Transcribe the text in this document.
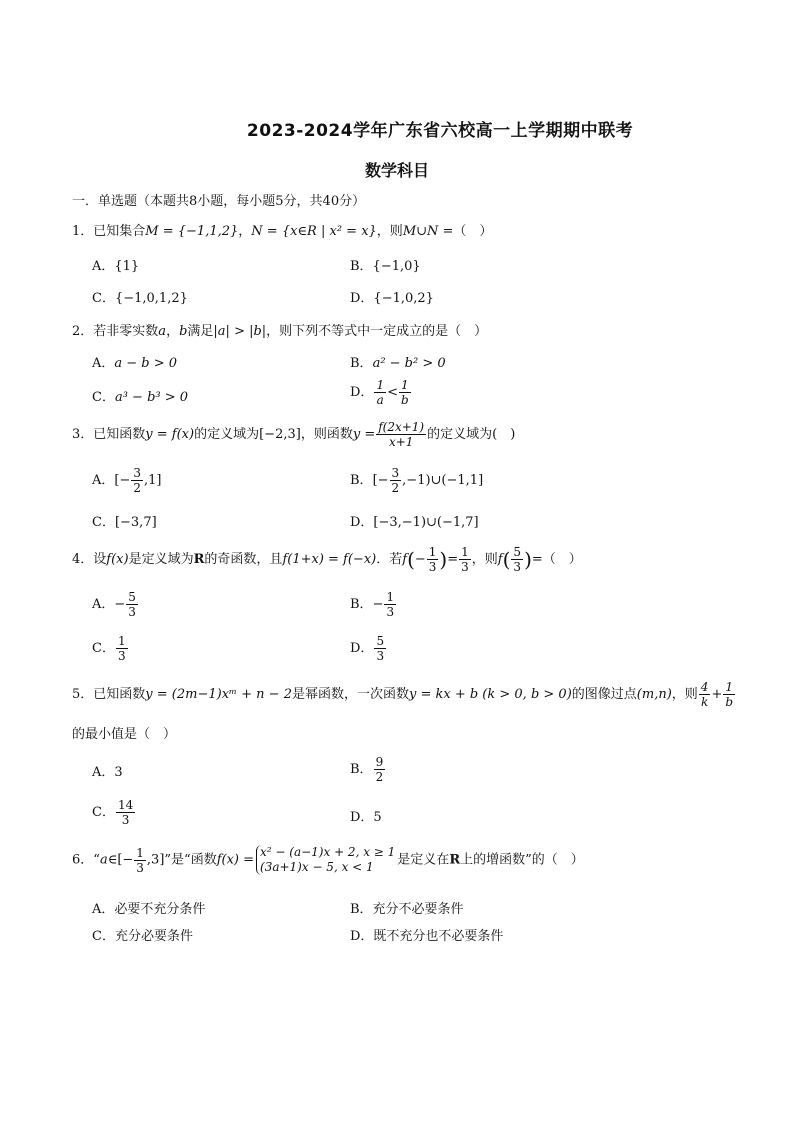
2023-2024学年广东省六校高一上学期期中联考
数学科目
一．单选题（本题共8小题，每小题5分，共40分）
1．已知集合M = {−1,1,2}，N = {x∈R | x² = x}，则M∪N =（　）
A．{1}	B．{−1,0}
C．{−1,0,1,2}	D．{−1,0,2}
2．若非零实数a，b满足|a| > |b|，则下列不等式中一定成立的是（　）
A．a − b > 0	B．a² − b² > 0
C．a³ − b³ > 0	D． $\frac{1}{a} < \frac{1}{b}$
3．已知函数y = f(x)的定义域为[−2,3]，则函数$y = \frac{f(2x+1)}{x+1}$ 的定义域为(　)
A．[− $\frac{3}{2} ,1$]	B．[− $\frac{3}{2}$ ,−1)∪(−1,1]
C．[−3,7]	D．[−3,−1)∪(−1,7]
4．设f(x)是定义域为R的奇函数，且f(1+x) = f(−x)．若$f(- \frac{1}{3}$ )= $\frac{1}{3}$ ，则$f( \frac{5}{3}$ )=（　）
A．− $\frac{5}{3}$	B．− $\frac{1}{3}$
C． $\frac{1}{3}$	D． $\frac{5}{3}$
5．已知函数y = (2m−1)xᵐ + n − 2是幂函数，一次函数y = kx + b (k > 0, b > 0)的图像过点(m,n)，则 $\frac{4}{k} + \frac{1}{b}$
的最小值是（　）
A．3	B． $\frac{9}{2}$
C． $\frac{14}{3}$	D．5
6．“a∈[− $\frac{1}{3} ,3$]”是“函数f(x) =
x² − (a−1)x + 2, x ≥ 1
(3a+1)x − 5, x < 1	是定义在R上的增函数”的（　）
A．必要不充分条件	B．充分不必要条件
C．充分必要条件	D．既不充分也不必要条件
